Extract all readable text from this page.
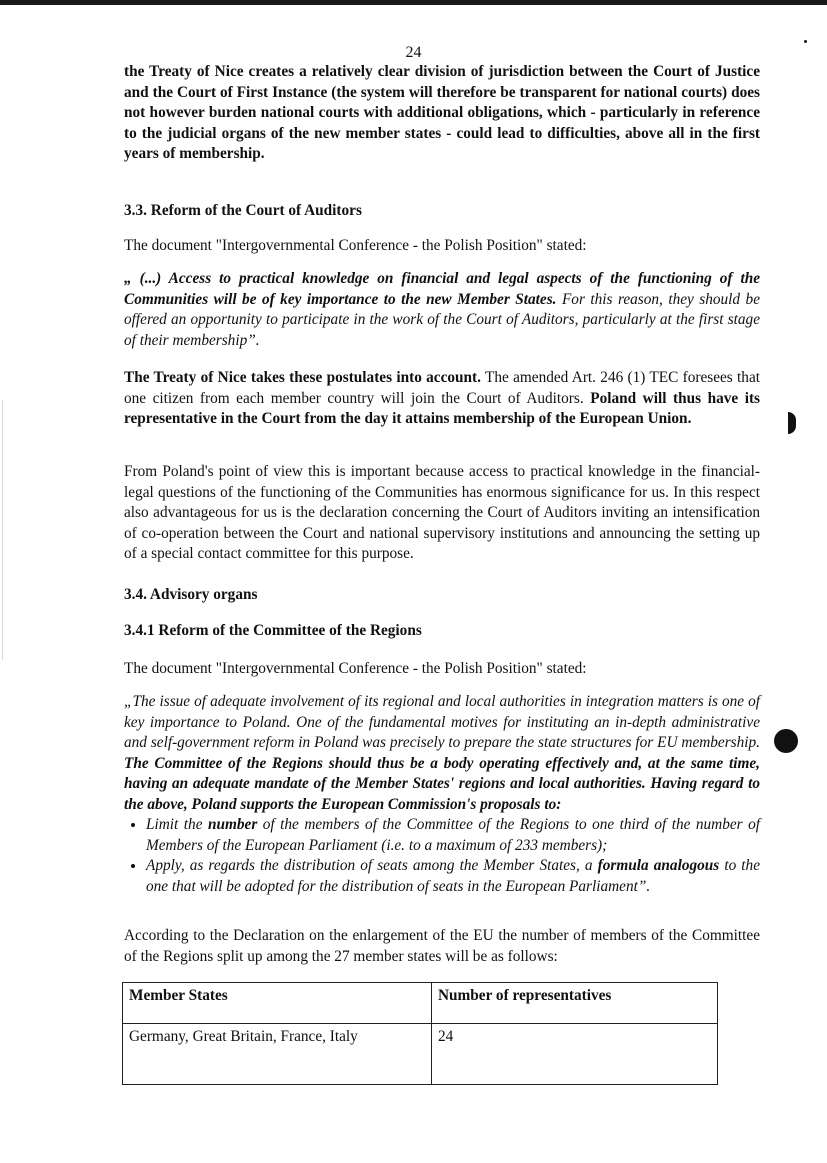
24

the Treaty of Nice creates a relatively clear division of jurisdiction between the Court of Justice and the Court of First Instance (the system will therefore be transparent for national courts) does not however burden national courts with additional obligations, which - particularly in reference to the judicial organs of the new member states - could lead to difficulties, above all in the first years of membership.

3.3. Reform of the Court of Auditors
The document "Intergovernmental Conference - the Polish Position" stated:

„ (...) Access to practical knowledge on financial and legal aspects of the functioning of the Communities will be of key importance to the new Member States. For this reason, they should be offered an opportunity to participate in the work of the Court of Auditors, particularly at the first stage of their membership”.

The Treaty of Nice takes these postulates into account. The amended Art. 246 (1) TEC foresees that one citizen from each member country will join the Court of Auditors. Poland will thus have its representative in the Court from the day it attains membership of the European Union.

From Poland's point of view this is important because access to practical knowledge in the financial-legal questions of the functioning of the Communities has enormous significance for us. In this respect also advantageous for us is the declaration concerning the Court of Auditors inviting an intensification of co-operation between the Court and national supervisory institutions and announcing the setting up of a special contact committee for this purpose.

3.4. Advisory organs
3.4.1 Reform of the Committee of the Regions
The document "Intergovernmental Conference - the Polish Position" stated:
„The issue of adequate involvement of its regional and local authorities in integration matters is one of key importance to Poland. One of the fundamental motives for instituting an in-depth administrative and self-government reform in Poland was precisely to prepare the state structures for EU membership. The Committee of the Regions should thus be a body operating effectively and, at the same time, having an adequate mandate of the Member States' regions and local authorities. Having regard to the above, Poland supports the European Commission's proposals to:
• Limit the number of the members of the Committee of the Regions to one third of the number of Members of the European Parliament (i.e. to a maximum of 233 members);
• Apply, as regards the distribution of seats among the Member States, a formula analogous to the one that will be adopted for the distribution of seats in the European Parliament”.

According to the Declaration on the enlargement of the EU the number of members of the Committee of the Regions split up among the 27 member states will be as follows:

Member States	Number of representatives
Germany, Great Britain, France, Italy	24
